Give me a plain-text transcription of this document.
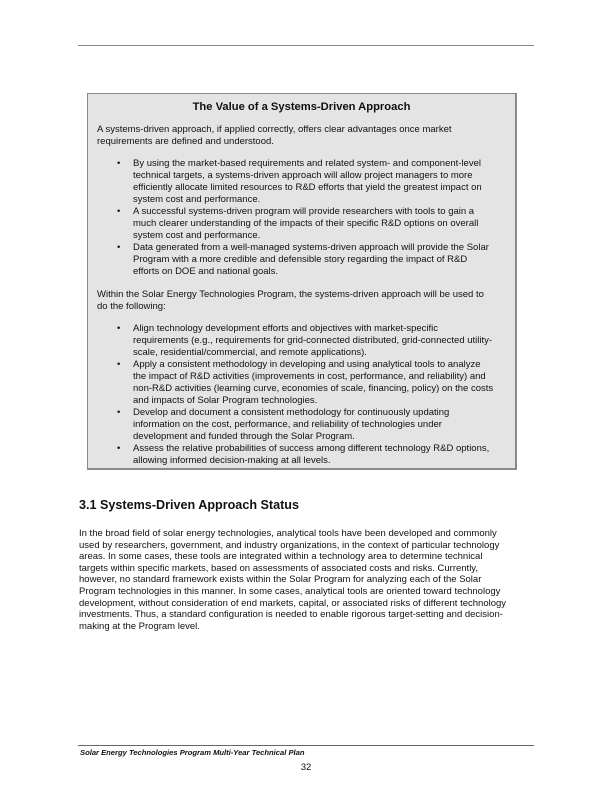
The Value of a Systems-Driven Approach

A systems-driven approach, if applied correctly, offers clear advantages once market
requirements are defined and understood.

• By using the market-based requirements and related system- and component-level
technical targets, a systems-driven approach will allow project managers to more
efficiently allocate limited resources to R&D efforts that yield the greatest impact on
system cost and performance.
• A successful systems-driven program will provide researchers with tools to gain a
much clearer understanding of the impacts of their specific R&D options on overall
system cost and performance.
• Data generated from a well-managed systems-driven approach will provide the Solar
Program with a more credible and defensible story regarding the impact of R&D
efforts on DOE and national goals.

Within the Solar Energy Technologies Program, the systems-driven approach will be used to
do the following:

• Align technology development efforts and objectives with market-specific
requirements (e.g., requirements for grid-connected distributed, grid-connected utility-
scale, residential/commercial, and remote applications).
• Apply a consistent methodology in developing and using analytical tools to analyze
the impact of R&D activities (improvements in cost, performance, and reliability) and
non-R&D activities (learning curve, economies of scale, financing, policy) on the costs
and impacts of Solar Program technologies.
• Develop and document a consistent methodology for continuously updating
information on the cost, performance, and reliability of technologies under
development and funded through the Solar Program.
• Assess the relative probabilities of success among different technology R&D options,
allowing informed decision-making at all levels.
3.1 Systems-Driven Approach Status

In the broad field of solar energy technologies, analytical tools have been developed and commonly
used by researchers, government, and industry organizations, in the context of particular technology
areas. In some cases, these tools are integrated within a technology area to determine technical
targets within specific markets, based on assessments of associated costs and risks. Currently,
however, no standard framework exists within the Solar Program for analyzing each of the Solar
Program technologies in this manner. In some cases, analytical tools are oriented toward technology
development, without consideration of end markets, capital, or associated risks of different technology
investments. Thus, a standard configuration is needed to enable rigorous target-setting and decision-
making at the Program level.

Solar Energy Technologies Program Multi-Year Technical Plan
32
